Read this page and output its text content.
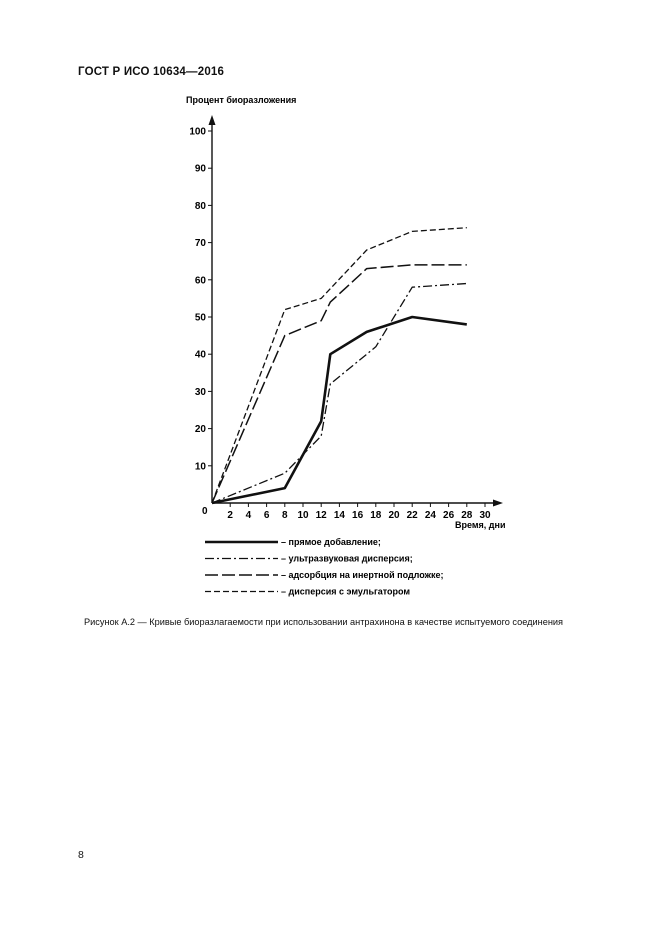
ГОСТ Р ИСО 10634—2016
10
20
30
40
50
60
70
80
90
100
2 4 6 8 10 12 14 16 18 20 22 24 26 28 30
– прямое добавление;
– ультразвуковая дисперсия;
– адсорбция на инертной подложке;
– дисперсия с эмульгатором
Процент биоразложения
Время, дни
0
Рисунок А.2 — Кривые биоразлагаемости при использовании антрахинона в качестве испытуемого соединения
8
